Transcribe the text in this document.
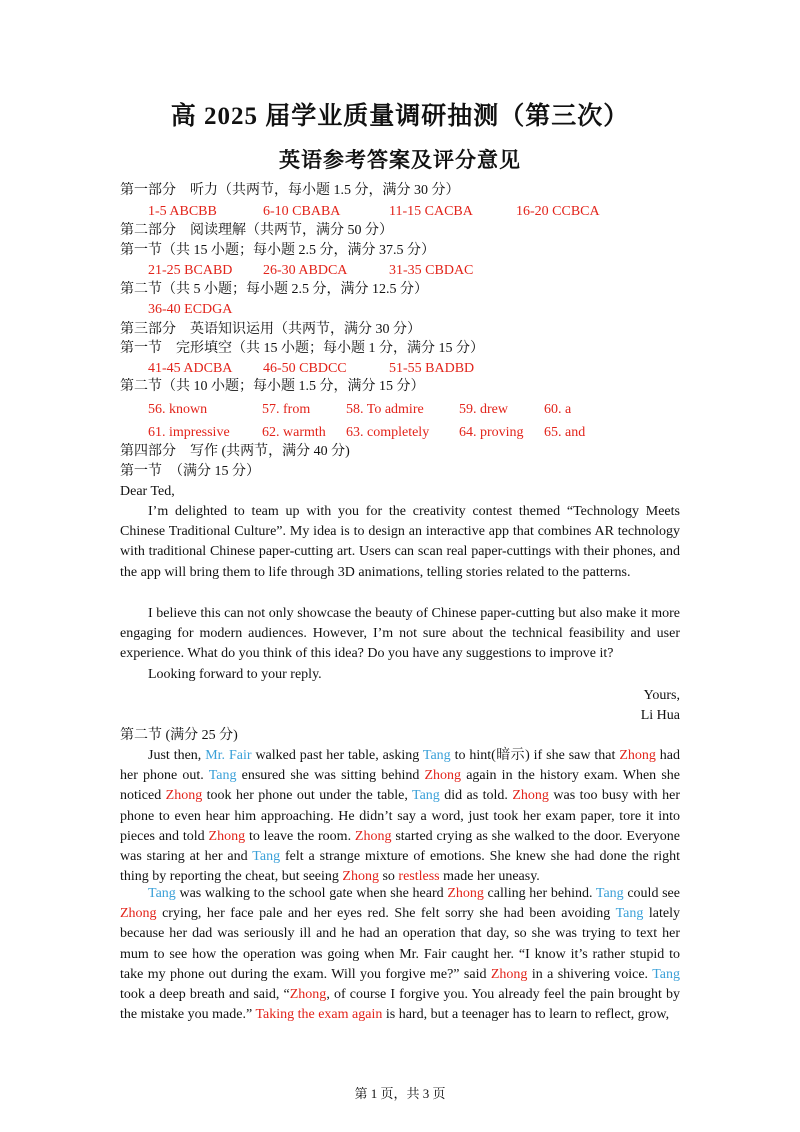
高 2025 届学业质量调研抽测（第三次）
英语参考答案及评分意见
第一部分　听力（共两节，每小题 1.5 分，满分 30 分）
1-5 ABCBB	6-10 CBABA	11-15 CACBA	16-20 CCBCA
第二部分　阅读理解（共两节，满分 50 分）
第一节（共 15 小题；每小题 2.5 分，满分 37.5 分）
21-25 BCABD 26-30 ABDCA	31-35 CBDAC
第二节（共 5 小题；每小题 2.5 分，满分 12.5 分）
36-40 ECDGA
第三部分　英语知识运用（共两节，满分 30 分）
第一节　完形填空（共 15 小题；每小题 1 分，满分 15 分）
41-45 ADCBA 46-50 CBDCC	51-55 BADBD
第二节（共 10 小题；每小题 1.5 分，满分 15 分）
56. known	57. from	58. To admire	59. drew	60. a
61. impressive 62. warmth 63. completely 64. proving 65. and
第四部分　写作 (共两节，满分 40 分)
第一节　（满分 15 分）
Dear Ted,

I’m delighted to team up with you for the creativity contest themed “Technology Meets Chinese Traditional Culture”. My idea is to design an interactive app that combines AR technology with traditional Chinese paper-cutting art. Users can scan real paper-cuttings with their phones, and the app will bring them to life through 3D animations, telling stories related to the patterns.

I believe this can not only showcase the beauty of Chinese paper-cutting but also make it more engaging for modern audiences. However, I’m not sure about the technical feasibility and user experience. What do you think of this idea? Do you have any suggestions to improve it?

Looking forward to your reply.

Yours,
Li Hua
第二节 (满分 25 分)

Just then, Mr. Fair walked past her table, asking Tang to hint(暗示) if she saw that Zhong had her phone out. Tang ensured she was sitting behind Zhong again in the history exam. When she noticed Zhong took her phone out under the table, Tang did as told. Zhong was too busy with her phone to even hear him approaching. He didn’t say a word, just took her exam paper, tore it into pieces and told Zhong to leave the room. Zhong started crying as she walked to the door. Everyone was staring at her and Tang felt a strange mixture of emotions. She knew she had done the right thing by reporting the cheat, but seeing Zhong so restless made her uneasy.

Tang was walking to the school gate when she heard Zhong calling her behind. Tang could see Zhong crying, her face pale and her eyes red. She felt sorry she had been avoiding Tang lately because her dad was seriously ill and he had an operation that day, so she was trying to text her mum to see how the operation was going when Mr. Fair caught her. “I know it’s rather stupid to take my phone out during the exam. Will you forgive me?” said Zhong in a shivering voice. Tang took a deep breath and said, “Zhong, of course I forgive you. You already feel the pain brought by the mistake you made.” Taking the exam again is hard, but a teenager has to learn to reflect, grow,

第 1 页，共 3 页
